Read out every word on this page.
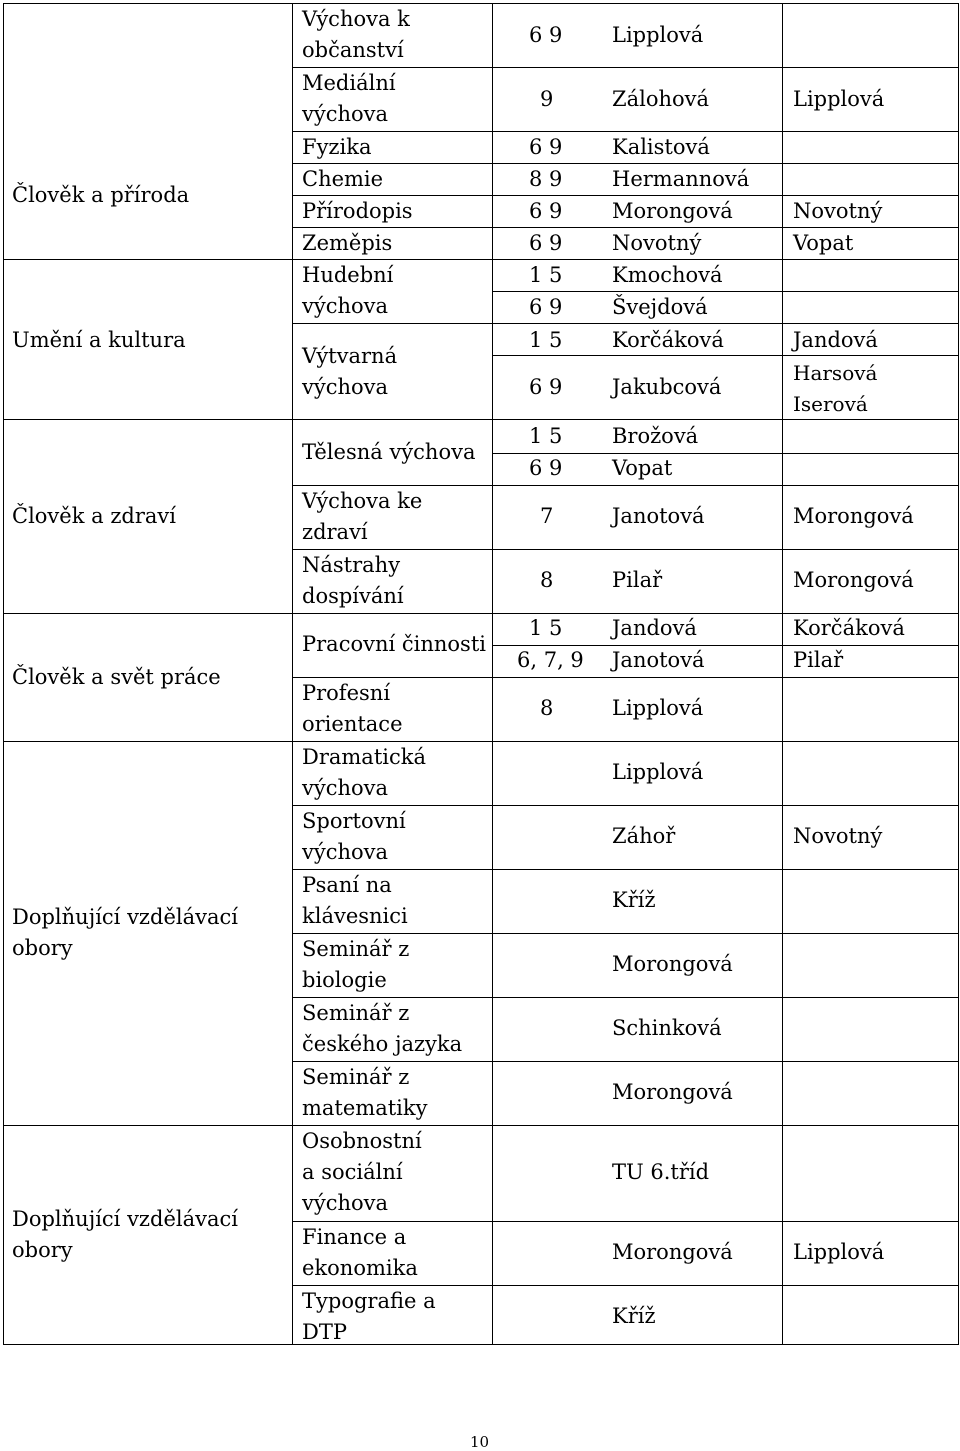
Člověk a příroda
Umění a kultura
Člověk a zdraví
Člověk a svět práce
Doplňující vzdělávací obory
Doplňující vzdělávací obory
Výchova k občanství
Mediální výchova
Fyzika
Chemie
Přírodopis
Zeměpis
Hudební výchova
Výtvarná výchova
Tělesná výchova
Výchova ke zdraví
Nástrahy dospívání
Pracovní činnosti
Profesní orientace
Dramatická výchova
Sportovní výchova
Psaní na klávesnici
Seminář z biologie
Seminář z českého jazyka
Seminář z matematiky
Osobnostní a sociální výchova
Finance a ekonomika
Typografie a DTP
6 9
9
6 9
8 9
6 9
6 9
1 5
6 9
1 5
6 9
1 5
6 9
7
8
1 5
6, 7, 9
8
Lipplová
Zálohová
Kalistová
Hermannová
Morongová
Novotný
Kmochová
Švejdová
Korčáková
Jakubcová
Brožová
Vopat
Janotová
Pilař
Jandová
Janotová
Lipplová
Lipplová
Záhoř
Kříž
Morongová
Schinková
Morongová
TU 6.tříd
Morongová
Kříž
Lipplová
Novotný
Vopat
Jandová
Harsová
Iserová
Morongová
Morongová
Korčáková
Pilař
Novotný
Lipplová
10
